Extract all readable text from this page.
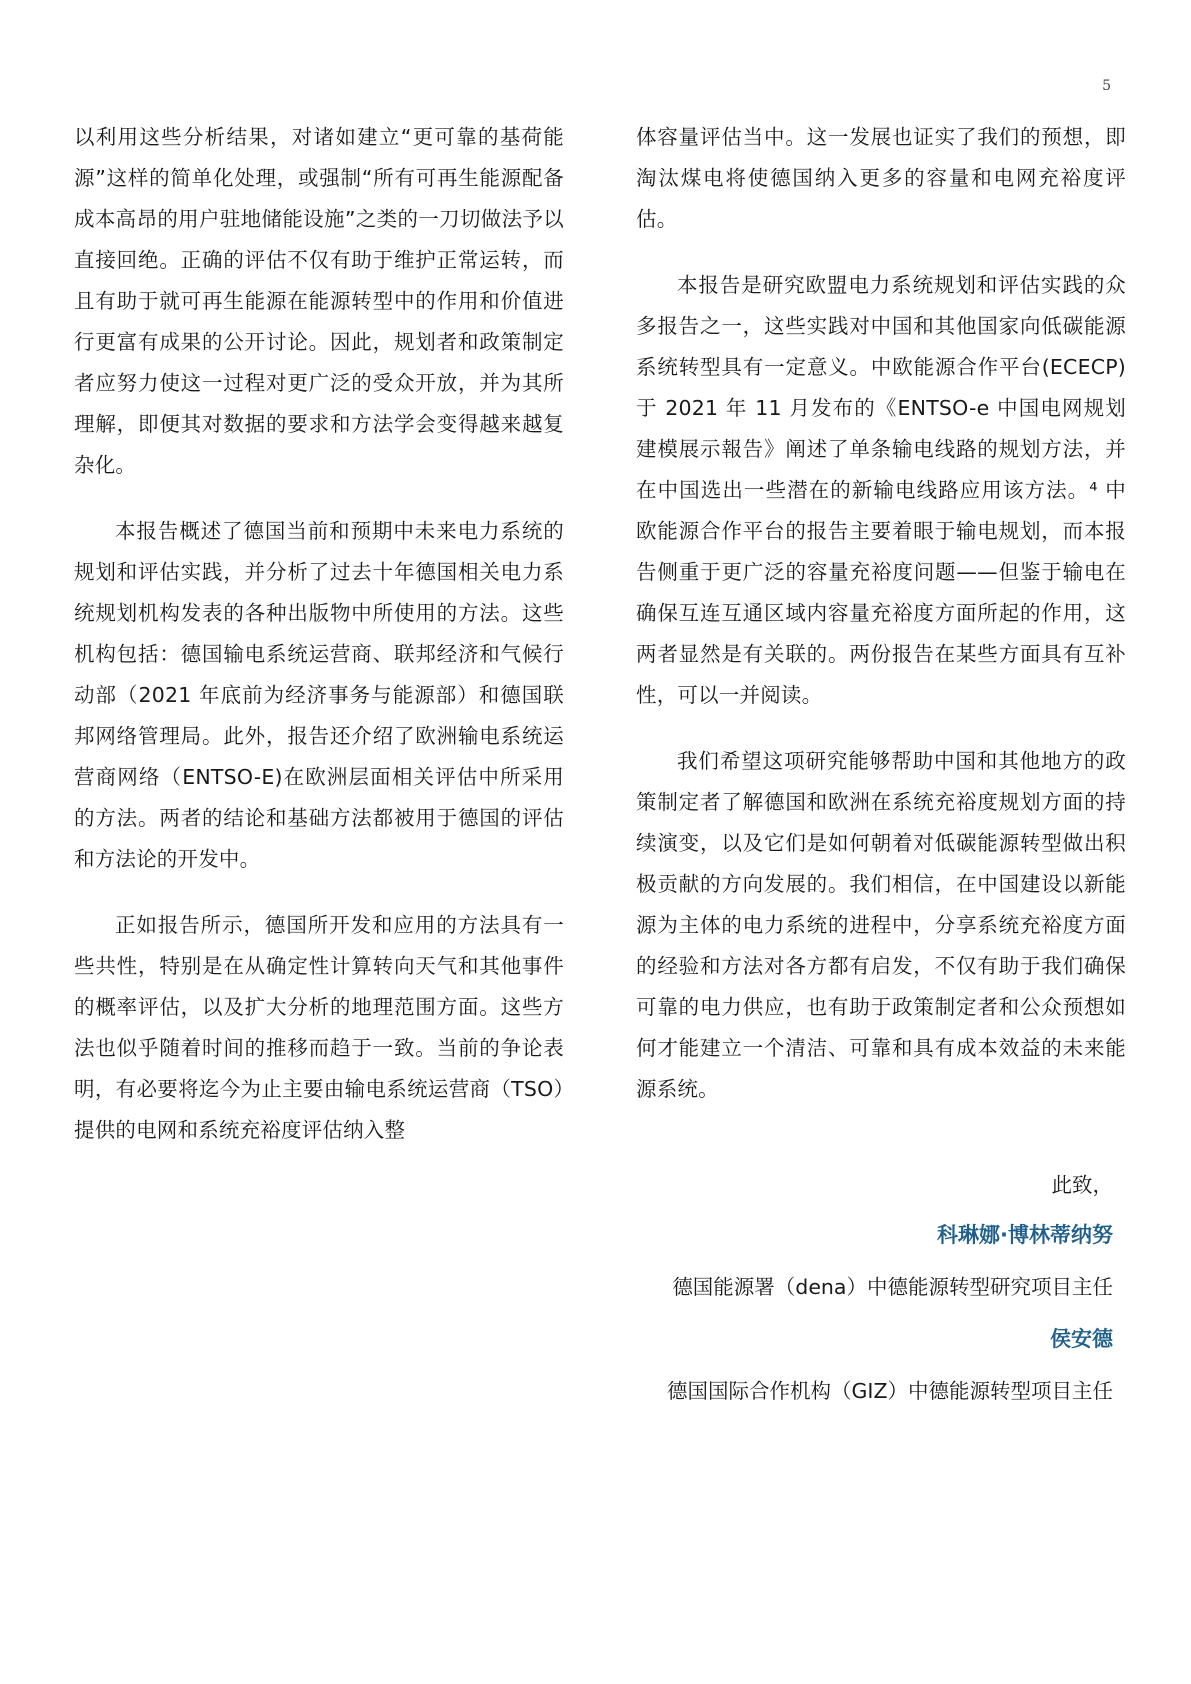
5

以利用这些分析结果，对诸如建立“更可靠的基荷能源”这样的简单化处理，或强制“所有可再生能源配备成本高昂的用户驻地储能设施”之类的一刀切做法予以直接回绝。正确的评估不仅有助于维护正常运转，而且有助于就可再生能源在能源转型中的作用和价值进行更富有成果的公开讨论。因此，规划者和政策制定者应努力使这一过程对更广泛的受众开放，并为其所理解，即便其对数据的要求和方法学会变得越来越复杂化。

本报告概述了德国当前和预期中未来电力系统的规划和评估实践，并分析了过去十年德国相关电力系统规划机构发表的各种出版物中所使用的方法。这些机构包括：德国输电系统运营商、联邦经济和气候行动部（2021 年底前为经济事务与能源部）和德国联邦网络管理局。此外，报告还介绍了欧洲输电系统运营商网络（ENTSO-E)在欧洲层面相关评估中所采用的方法。两者的结论和基础方法都被用于德国的评估和方法论的开发中。

正如报告所示，德国所开发和应用的方法具有一些共性，特别是在从确定性计算转向天气和其他事件的概率评估，以及扩大分析的地理范围方面。这些方法也似乎随着时间的推移而趋于一致。当前的争论表明，有必要将迄今为止主要由输电系统运营商（TSO）提供的电网和系统充裕度评估纳入整

体容量评估当中。这一发展也证实了我们的预想，即淘汰煤电将使德国纳入更多的容量和电网充裕度评估。

本报告是研究欧盟电力系统规划和评估实践的众多报告之一，这些实践对中国和其他国家向低碳能源系统转型具有一定意义。中欧能源合作平台(ECECP) 于 2021 年 11 月发布的《ENTSO-e 中国电网规划建模展示報告》阐述了单条输电线路的规划方法，并在中国选出一些潜在的新输电线路应用该方法。⁴ 中欧能源合作平台的报告主要着眼于输电规划，而本报告侧重于更广泛的容量充裕度问题——但鉴于输电在确保互连互通区域内容量充裕度方面所起的作用，这两者显然是有关联的。两份报告在某些方面具有互补性，可以一并阅读。

我们希望这项研究能够帮助中国和其他地方的政策制定者了解德国和欧洲在系统充裕度规划方面的持续演变，以及它们是如何朝着对低碳能源转型做出积极贡献的方向发展的。我们相信，在中国建设以新能源为主体的电力系统的进程中，分享系统充裕度方面的经验和方法对各方都有启发，不仅有助于我们确保可靠的电力供应，也有助于政策制定者和公众预想如何才能建立一个清洁、可靠和具有成本效益的未来能源系统。

此致，
科琳娜·博林蒂纳努
德国能源署（dena）中德能源转型研究项目主任
侯安德
德国国际合作机构（GIZ）中德能源转型项目主任
